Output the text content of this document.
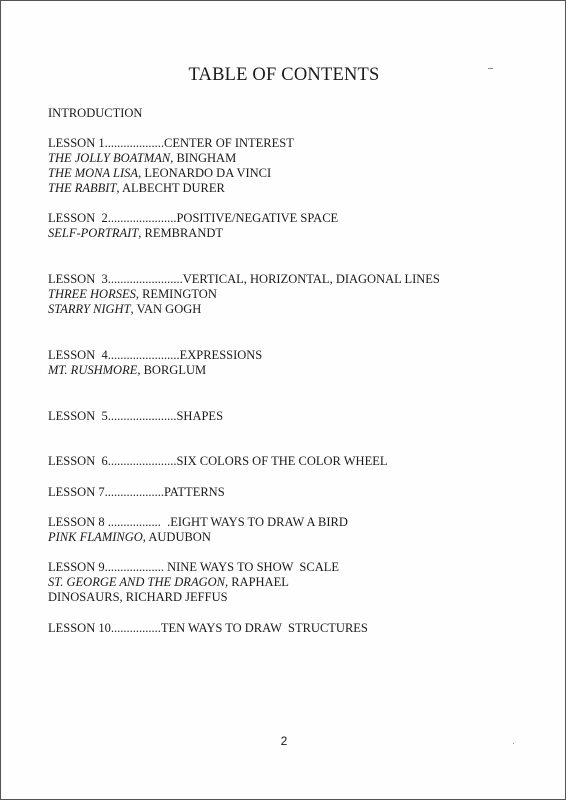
TABLE OF CONTENTS
INTRODUCTION
LESSON 1...................CENTER OF INTEREST
THE JOLLY BOATMAN, BINGHAM
THE MONA LISA, LEONARDO DA VINCI
THE RABBIT, ALBECHT DURER
LESSON  2......................POSITIVE/NEGATIVE SPACE
SELF-PORTRAIT, REMBRANDT
LESSON  3........................VERTICAL, HORIZONTAL, DIAGONAL LINES
THREE HORSES, REMINGTON
STARRY NIGHT, VAN GOGH
LESSON  4.......................EXPRESSIONS
MT. RUSHMORE, BORGLUM
LESSON  5......................SHAPES
LESSON  6......................SIX COLORS OF THE COLOR WHEEL
LESSON 7...................PATTERNS
LESSON 8 .................  .EIGHT WAYS TO DRAW A BIRD
PINK FLAMINGO, AUDUBON
LESSON 9................... NINE WAYS TO SHOW  SCALE
ST. GEORGE AND THE DRAGON, RAPHAEL
DINOSAURS, RICHARD JEFFUS
LESSON 10................TEN WAYS TO DRAW  STRUCTURES
2
